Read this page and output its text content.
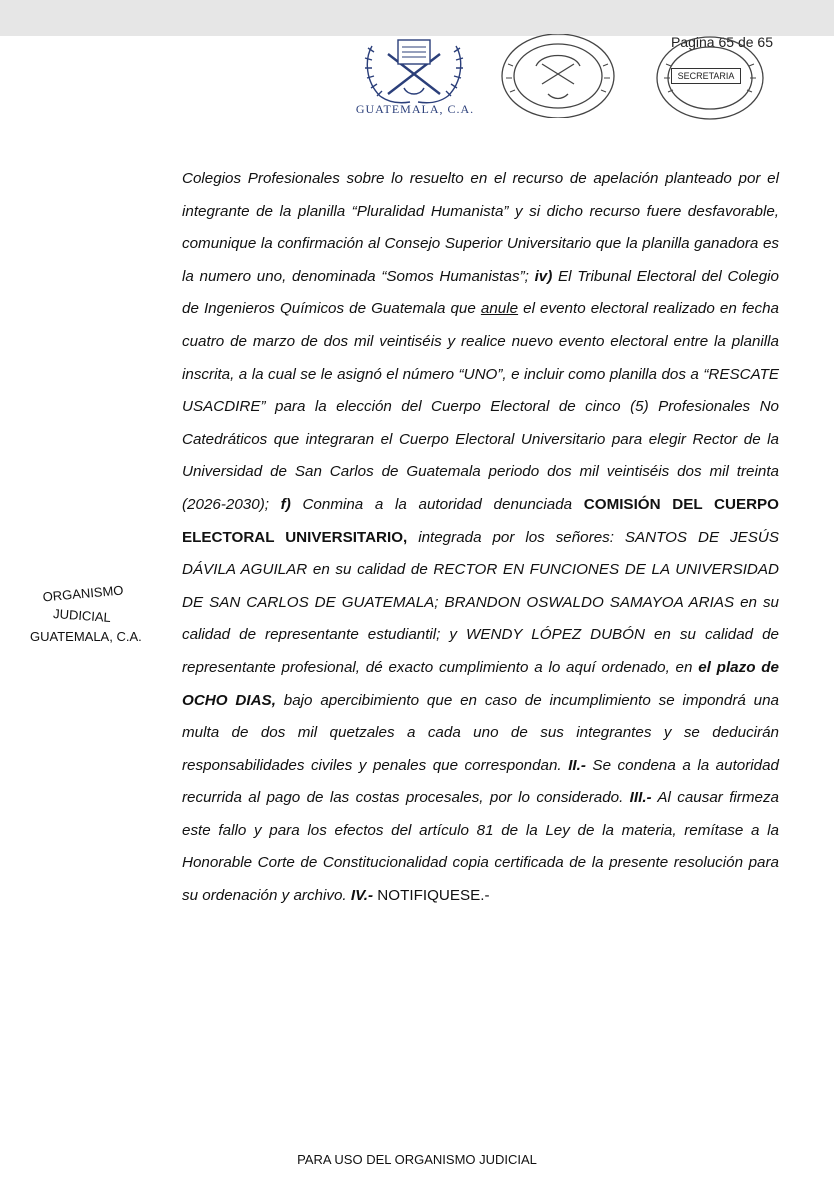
Pagina 65 de 65
GUATEMALA, C.A.
SECRETARIA
ORGANISMO
JUDICIAL
GUATEMALA, C.A.

Colegios Profesionales sobre lo resuelto en el recurso de apelación planteado por el integrante de la planilla “Pluralidad Humanista” y si dicho recurso fuere desfavorable, comunique la confirmación al Consejo Superior Universitario que la planilla ganadora es la numero uno, denominada “Somos Humanistas”; iv) El Tribunal Electoral del Colegio de Ingenieros Químicos de Guatemala que anule el evento electoral realizado en fecha cuatro de marzo de dos mil veintiséis y realice nuevo evento electoral entre la planilla inscrita, a la cual se le asignó el número “UNO”, e incluir como planilla dos a “RESCATE USACDIRE” para la elección del Cuerpo Electoral de cinco (5) Profesionales No Catedráticos que integraran el Cuerpo Electoral Universitario para elegir Rector de la Universidad de San Carlos de Guatemala periodo dos mil veintiséis dos mil treinta (2026-2030); f) Conmina a la autoridad denunciada COMISIÓN DEL CUERPO ELECTORAL UNIVERSITARIO, integrada por los señores: SANTOS DE JESÚS DÁVILA AGUILAR en su calidad de RECTOR EN FUNCIONES DE LA UNIVERSIDAD DE SAN CARLOS DE GUATEMALA; BRANDON OSWALDO SAMAYOA ARIAS en su calidad de representante estudiantil; y WENDY LÓPEZ DUBÓN en su calidad de representante profesional, dé exacto cumplimiento a lo aquí ordenado, en el plazo de OCHO DIAS, bajo apercibimiento que en caso de incumplimiento se impondrá una multa de dos mil quetzales a cada uno de sus integrantes y se deducirán responsabilidades civiles y penales que correspondan. II.- Se condena a la autoridad recurrida al pago de las costas procesales, por lo considerado. III.- Al causar firmeza este fallo y para los efectos del artículo 81 de la Ley de la materia, remítase a la Honorable Corte de Constitucionalidad copia certificada de la presente resolución para su ordenación y archivo. IV.- NOTIFIQUESE.-

PARA USO DEL ORGANISMO JUDICIAL
